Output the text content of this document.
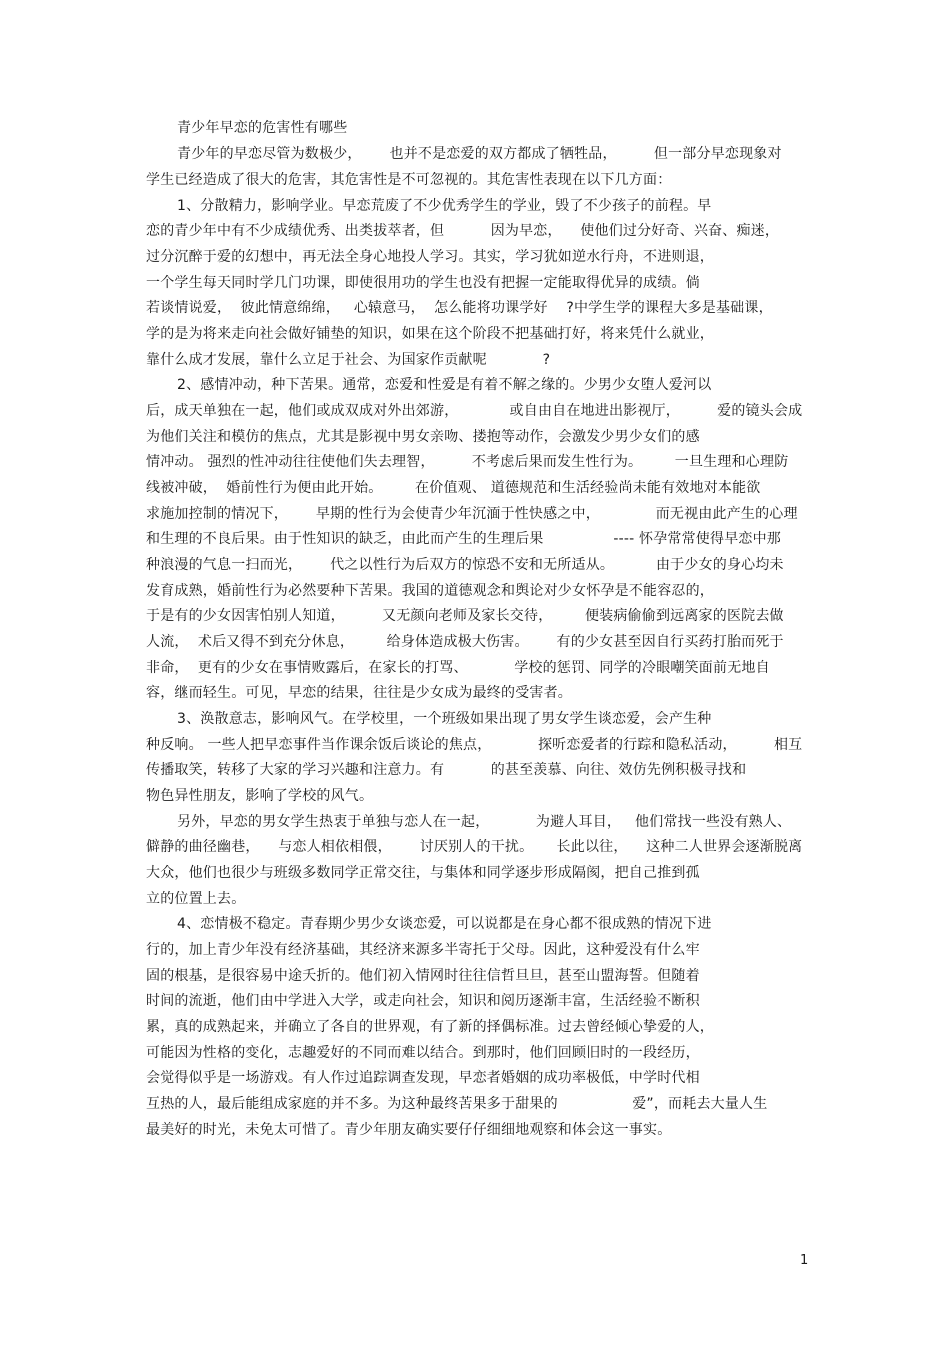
青少年早恋的危害性有哪些
青少年的早恋尽管为数极少，      也并不是恋爱的双方都成了牺牲品，        但一部分早恋现象对
学生已经造成了很大的危害，其危害性是不可忽视的。其危害性表现在以下几方面：
1、分散精力，影响学业。早恋荒废了不少优秀学生的学业，毁了不少孩子的前程。早
恋的青少年中有不少成绩优秀、出类拔萃者，但          因为早恋，    使他们过分好奇、兴奋、痴迷，
过分沉醉于爱的幻想中，再无法全身心地投人学习。其实，学习犹如逆水行舟，不进则退，
一个学生每天同时学几门功课，即使很用功的学生也没有把握一定能取得优异的成绩。倘
若谈情说爱，  彼此情意绵绵，   心辕意马，  怎么能将功课学好    ?中学生学的课程大多是基础课，
学的是为将来走向社会做好铺垫的知识，如果在这个阶段不把基础打好，将来凭什么就业，
靠什么成才发展，靠什么立足于社会、为国家作贡献呢            ?
2、感情冲动，种下苦果。通常，恋爱和性爱是有着不解之缘的。少男少女堕人爱河以
后，成天单独在一起，他们或成双成对外出郊游，           或自由自在地进出影视厅，        爱的镜头会成
为他们关注和模仿的焦点，尤其是影视中男女亲吻、搂抱等动作，会激发少男少女们的感
情冲动。 强烈的性冲动往往使他们失去理智，        不考虑后果而发生性行为。       一旦生理和心理防
线被冲破，  婚前性行为便由此开始。       在价值观、 道德规范和生活经验尚未能有效地对本能欲
求施加控制的情况下，      早期的性行为会使青少年沉湎于性快感之中，            而无视由此产生的心理
和生理的不良后果。由于性知识的缺乏，由此而产生的生理后果               ---- 怀孕常常使得早恋中那
种浪漫的气息一扫而光，      代之以性行为后双方的惊恐不安和无所适从。         由于少女的身心均未
发育成熟，婚前性行为必然要种下苦果。我国的道德观念和舆论对少女怀孕是不能容忍的，
于是有的少女因害怕别人知道，        又无颜向老师及家长交待，       便装病偷偷到远离家的医院去做
人流，  术后又得不到充分休息，       给身体造成极大伤害。      有的少女甚至因自行买药打胎而死于
非命，  更有的少女在事情败露后，在家长的打骂、          学校的惩罚、同学的冷眼嘲笑面前无地自
容，继而轻生。可见，早恋的结果，往往是少女成为最终的受害者。
3、涣散意志，影响风气。在学校里，一个班级如果出现了男女学生谈恋爱，会产生种
种反响。 一些人把早恋事件当作课余饭后谈论的焦点，          探听恋爱者的行踪和隐私活动，        相互
传播取笑，转移了大家的学习兴趣和注意力。有          的甚至羡慕、向往、效仿先例积极寻找和
物色异性朋友，影响了学校的风气。
另外，早恋的男女学生热衷于单独与恋人在一起，          为避人耳目，   他们常找一些没有熟人、
僻静的曲径幽巷，    与恋人相依相偎，      讨厌别人的干扰。     长此以往，    这种二人世界会逐渐脱离
大众，他们也很少与班级多数同学正常交往，与集体和同学逐步形成隔阂，把自己推到孤
立的位置上去。
4、恋情极不稳定。青春期少男少女谈恋爱，可以说都是在身心都不很成熟的情况下进
行的，加上青少年没有经济基础，其经济来源多半寄托于父母。因此，这种爱没有什么牢
固的根基，是很容易中途夭折的。他们初入情网时往往信哲旦旦，甚至山盟海誓。但随着
时间的流逝，他们由中学进入大学，或走向社会，知识和阅历逐渐丰富，生活经验不断积
累，真的成熟起来，并确立了各自的世界观，有了新的择偶标准。过去曾经倾心挚爱的人，
可能因为性格的变化，志趣爱好的不同而难以结合。到那时，他们回顾旧时的一段经历，
会觉得似乎是一场游戏。有人作过追踪调查发现，早恋者婚姻的成功率极低，中学时代相
互热的人，最后能组成家庭的并不多。为这种最终苦果多于甜果的                爱”，而耗去大量人生
最美好的时光，未免太可惜了。青少年朋友确实要仔仔细细地观察和体会这一事实。
1
